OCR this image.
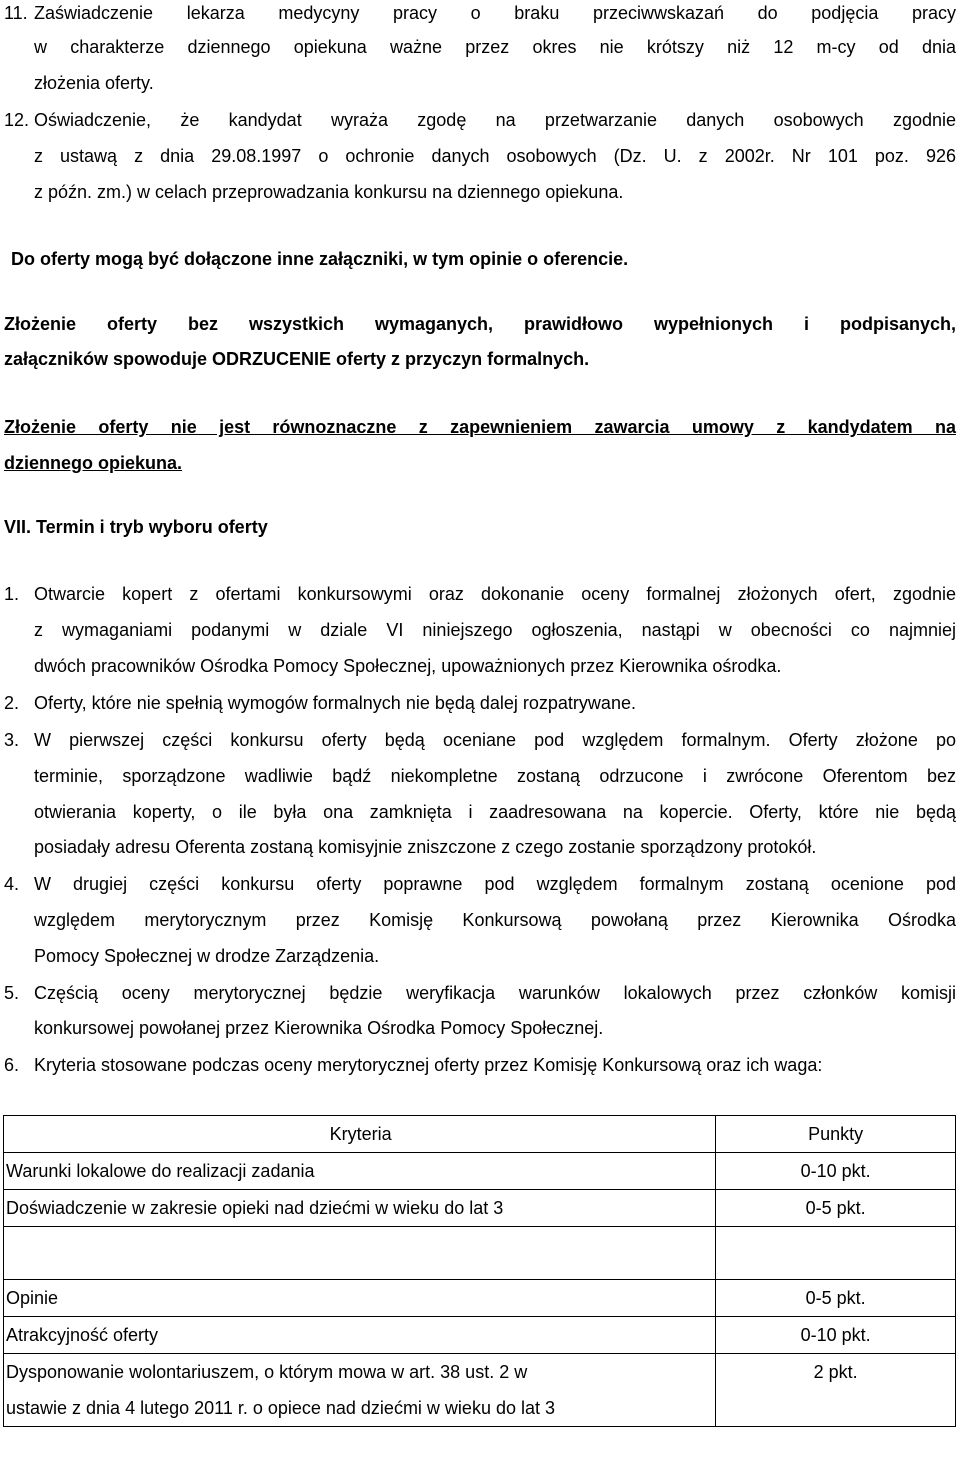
11. Zaświadczenie lekarza medycyny pracy o braku przeciwwskazań do podjęcia pracy
w charakterze dziennego opiekuna ważne przez okres nie krótszy niż 12 m-cy od dnia
złożenia oferty.
12. Oświadczenie, że kandydat wyraża zgodę na przetwarzanie danych osobowych zgodnie
z ustawą z dnia 29.08.1997 o ochronie danych osobowych (Dz. U. z 2002r. Nr 101 poz. 926
z późn. zm.) w celach przeprowadzania konkursu na dziennego opiekuna.
Do oferty mogą być dołączone inne załączniki, w tym opinie o oferencie.
Złożenie oferty bez wszystkich wymaganych, prawidłowo wypełnionych i podpisanych,
załączników spowoduje ODRZUCENIE oferty z przyczyn formalnych.
Złożenie oferty nie jest równoznaczne z zapewnieniem zawarcia umowy z kandydatem na
dziennego opiekuna.
VII. Termin i tryb wyboru oferty
1. Otwarcie kopert z ofertami konkursowymi oraz dokonanie oceny formalnej złożonych ofert, zgodnie
z wymaganiami podanymi w dziale VI niniejszego ogłoszenia, nastąpi w obecności co najmniej
dwóch pracowników Ośrodka Pomocy Społecznej, upoważnionych przez Kierownika ośrodka.
2. Oferty, które nie spełnią wymogów formalnych nie będą dalej rozpatrywane.
3. W pierwszej części konkursu oferty będą oceniane pod względem formalnym. Oferty złożone po
terminie, sporządzone wadliwie bądź niekompletne zostaną odrzucone i zwrócone Oferentom bez
otwierania koperty, o ile była ona zamknięta i zaadresowana na kopercie. Oferty, które nie będą
posiadały adresu Oferenta zostaną komisyjnie zniszczone z czego zostanie sporządzony protokół.
4. W drugiej części konkursu oferty poprawne pod względem formalnym zostaną ocenione pod
względem merytorycznym przez Komisję Konkursową powołaną przez Kierownika Ośrodka
Pomocy Społecznej w drodze Zarządzenia.
5. Częścią oceny merytorycznej będzie weryfikacja warunków lokalowych przez członków komisji
konkursowej powołanej przez Kierownika Ośrodka Pomocy Społecznej.
6. Kryteria stosowane podczas oceny merytorycznej oferty przez Komisję Konkursową oraz ich waga:
Kryteria	Punkty
Warunki lokalowe do realizacji zadania	0-10 pkt.
Doświadczenie w zakresie opieki nad dziećmi w wieku do lat 3	0-5 pkt.

Opinie	0-5 pkt.
Atrakcyjność oferty	0-10 pkt.

Dysponowanie wolontariuszem, o którym mowa w art. 38 ust. 2 w
ustawie z dnia 4 lutego 2011 r. o opiece nad dziećmi w wieku do lat 3	2 pkt.
